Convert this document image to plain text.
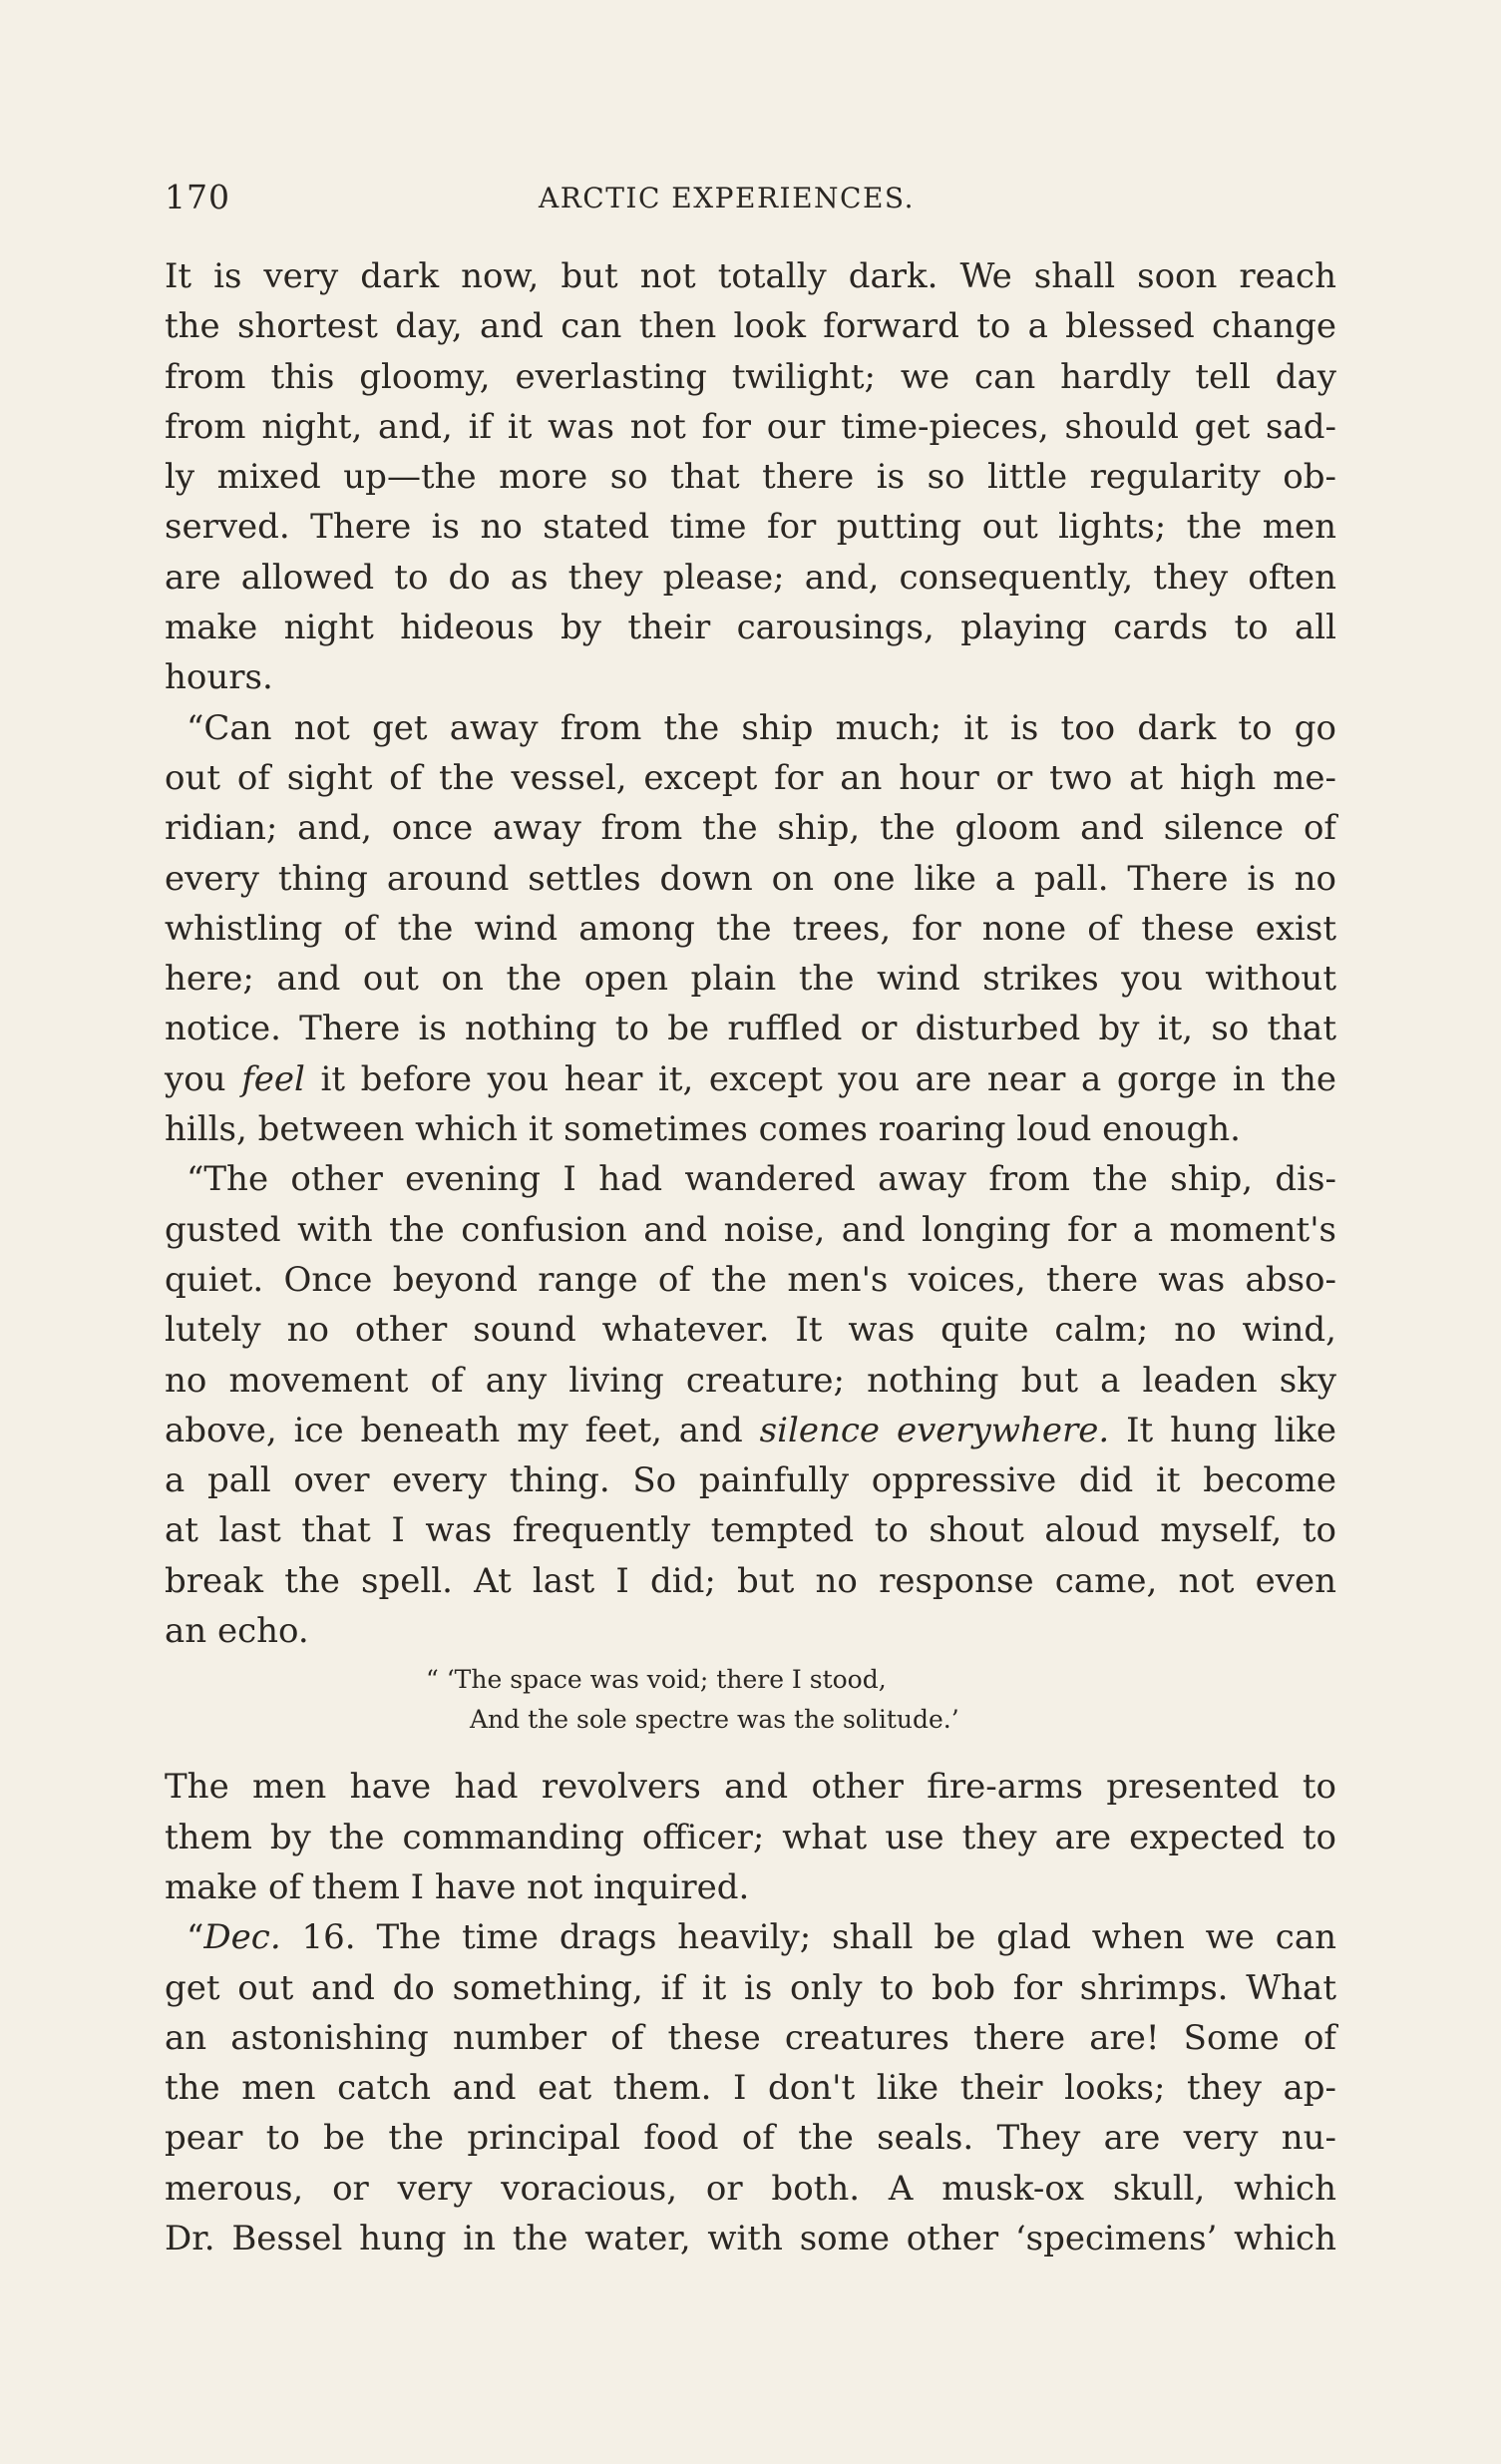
170	ARCTIC EXPERIENCES.
It is very dark now, but not totally dark. We shall soon reach
the shortest day, and can then look forward to a blessed change
from this gloomy, everlasting twilight; we can hardly tell day
from night, and, if it was not for our time-pieces, should get sad-
ly mixed up—the more so that there is so little regularity ob-
served. There is no stated time for putting out lights; the men
are allowed to do as they please; and, consequently, they often
make night hideous by their carousings, playing cards to all
hours.
“Can not get away from the ship much; it is too dark to go
out of sight of the vessel, except for an hour or two at high me-
ridian; and, once away from the ship, the gloom and silence of
every thing around settles down on one like a pall. There is no
whistling of the wind among the trees, for none of these exist
here; and out on the open plain the wind strikes you without
notice. There is nothing to be ruffled or disturbed by it, so that
you feel it before you hear it, except you are near a gorge in the
hills, between which it sometimes comes roaring loud enough.
“The other evening I had wandered away from the ship, dis-
gusted with the confusion and noise, and longing for a moment's
quiet. Once beyond range of the men's voices, there was abso-
lutely no other sound whatever. It was quite calm; no wind,
no movement of any living creature; nothing but a leaden sky
above, ice beneath my feet, and silence everywhere. It hung like
a pall over every thing. So painfully oppressive did it become
at last that I was frequently tempted to shout aloud myself, to
break the spell. At last I did; but no response came, not even
an echo.
“ ‘The space was void; there I stood,
And the sole spectre was the solitude.’
The men have had revolvers and other fire-arms presented to
them by the commanding officer; what use they are expected to
make of them I have not inquired.
“Dec. 16. The time drags heavily; shall be glad when we can
get out and do something, if it is only to bob for shrimps. What
an astonishing number of these creatures there are! Some of
the men catch and eat them. I don't like their looks; they ap-
pear to be the principal food of the seals. They are very nu-
merous, or very voracious, or both. A musk-ox skull, which
Dr. Bessel hung in the water, with some other ‘specimens’ which
